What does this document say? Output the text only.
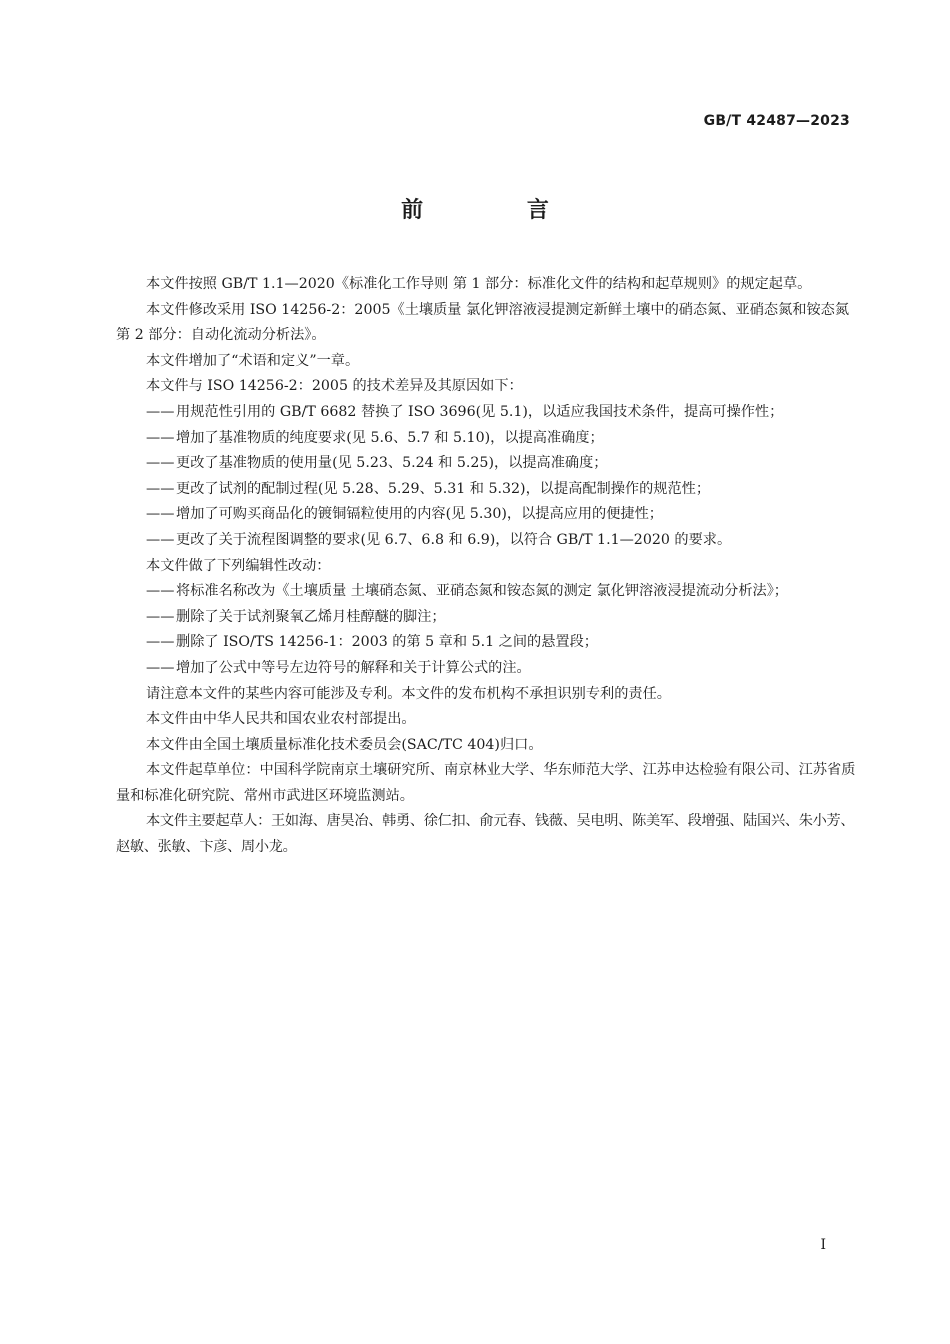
GB/T 42487—2023
前 言

本文件按照 GB/T 1.1—2020《标准化工作导则 第 1 部分：标准化文件的结构和起草规则》的规定起草。

本文件修改采用 ISO 14256-2：2005《土壤质量 氯化钾溶液浸提测定新鲜土壤中的硝态氮、亚硝态氮和铵态氮 第 2 部分：自动化流动分析法》。

本文件增加了“术语和定义”一章。

本文件与 ISO 14256-2：2005 的技术差异及其原因如下：

—— 用规范性引用的 GB/T 6682 替换了 ISO 3696(见 5.1)，以适应我国技术条件，提高可操作性；

—— 增加了基准物质的纯度要求(见 5.6、5.7 和 5.10)，以提高准确度；

—— 更改了基准物质的使用量(见 5.23、5.24 和 5.25)，以提高准确度；

—— 更改了试剂的配制过程(见 5.28、5.29、5.31 和 5.32)，以提高配制操作的规范性；

—— 增加了可购买商品化的镀铜镉粒使用的内容(见 5.30)，以提高应用的便捷性；

—— 更改了关于流程图调整的要求(见 6.7、6.8 和 6.9)，以符合 GB/T 1.1—2020 的要求。

本文件做了下列编辑性改动：

—— 将标准名称改为《土壤质量 土壤硝态氮、亚硝态氮和铵态氮的测定 氯化钾溶液浸提流动分析法》；

—— 删除了关于试剂聚氧乙烯月桂醇醚的脚注；

—— 删除了 ISO/TS 14256-1：2003 的第 5 章和 5.1 之间的悬置段；

—— 增加了公式中等号左边符号的解释和关于计算公式的注。

请注意本文件的某些内容可能涉及专利。本文件的发布机构不承担识别专利的责任。

本文件由中华人民共和国农业农村部提出。

本文件由全国土壤质量标准化技术委员会(SAC/TC 404)归口。

本文件起草单位：中国科学院南京土壤研究所、南京林业大学、华东师范大学、江苏申达检验有限公司、江苏省质量和标准化研究院、常州市武进区环境监测站。

本文件主要起草人：王如海、唐昊冶、韩勇、徐仁扣、俞元春、钱薇、吴电明、陈美军、段增强、陆国兴、朱小芳、赵敏、张敏、卞彦、周小龙。

I
